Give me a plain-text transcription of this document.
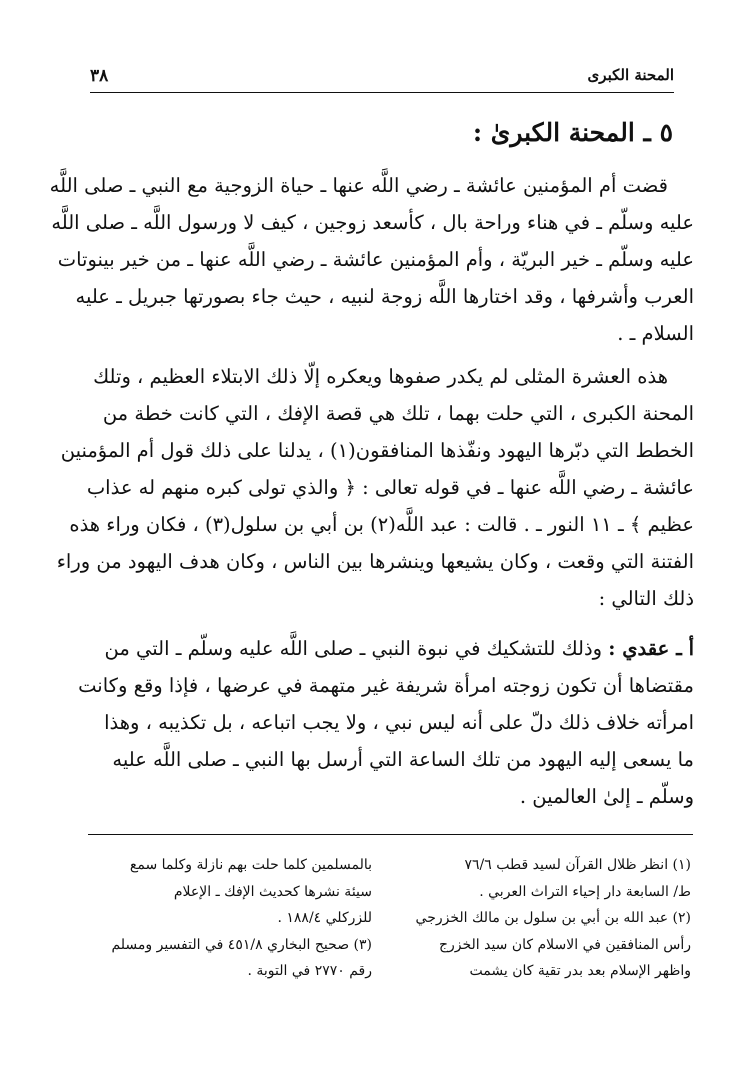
المحنة الكبرى
٣٨
٥ ـ المحنة الكبرىٰ :
قضت أم المؤمنين عائشة ـ رضي اللَّه عنها ـ حياة الزوجية مع النبي ـ صلى اللَّه
عليه وسلّم ـ في هناء وراحة بال ، كأسعد زوجين ، كيف لا ورسول اللَّه ـ صلى اللَّه
عليه وسلّم ـ خير البريّة ، وأم المؤمنين عائشة ـ رضي اللَّه عنها ـ من خير بينوتات
العرب وأشرفها ، وقد اختارها اللَّه زوجة لنبيه ، حيث جاء بصورتها جبريل ـ عليه
السلام ـ .
هذه العشرة المثلى لم يكدر صفوها ويعكره إلّا ذلك الابتلاء العظيم ، وتلك
المحنة الكبرى ، التي حلت بهما ، تلك هي قصة الإفك ، التي كانت خطة من
الخطط التي دبّرها اليهود ونفّذها المنافقون(١) ، يدلنا على ذلك قول أم المؤمنين
عائشة ـ رضي اللَّه عنها ـ في قوله تعالى : ﴿ والذي تولى كبره منهم له عذاب
عظيم ﴾ ـ ١١ النور ـ . قالت : عبد اللَّه(٢) بن أبي بن سلول(٣) ، فكان وراء هذه
الفتنة التي وقعت ، وكان يشيعها وينشرها بين الناس ، وكان هدف اليهود من وراء
ذلك التالي :
أ ـ عقدي : وذلك للتشكيك في نبوة النبي ـ صلى اللَّه عليه وسلّم ـ التي من
مقتضاها أن تكون زوجته امرأة شريفة غير متهمة في عرضها ، فإذا وقع وكانت
امرأته خلاف ذلك دلّ على أنه ليس نبي ، ولا يجب اتباعه ، بل تكذيبه ، وهذا
ما يسعى إليه اليهود من تلك الساعة التي أرسل بها النبي ـ صلى اللَّه عليه
وسلّم ـ إلىٰ العالمين .
(١) انظر ظلال القرآن لسيد قطب ٧٦/٦
ط/ السابعة دار إحياء التراث العربي .
(٢) عبد الله بن أبي بن سلول بن مالك الخزرجي
رأس المنافقين في الاسلام كان سيد الخزرج
واظهر الإسلام بعد بدر تقية كان يشمت
بالمسلمين كلما حلت بهم نازلة وكلما سمع
سيئة نشرها كحديث الإفك ـ الإعلام
للزركلي ١٨٨/٤ .
(٣) صحيح البخاري ٤٥١/٨ في التفسير ومسلم
رقم ٢٧٧٠ في التوبة .
